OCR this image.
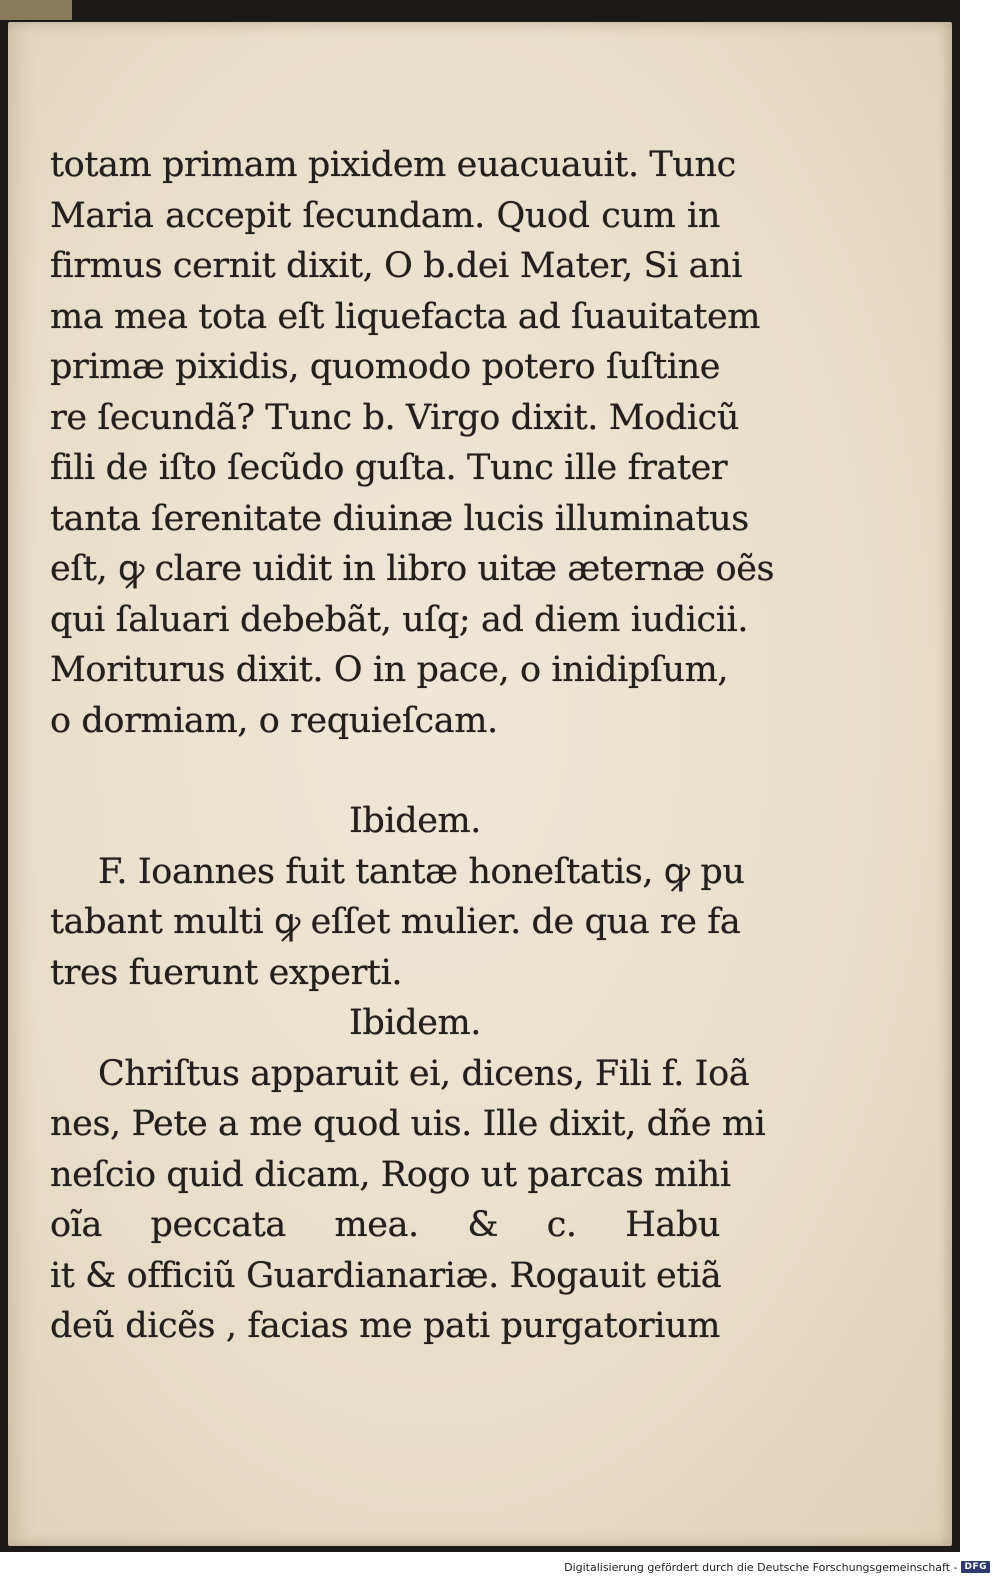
totam primam pixidem euacuauit. Tunc
Maria accepit ſecundam. Quod cum in
firmus cernit dixit, O b.dei Mater, Si ani
ma mea tota eſt liquefacta ad ſuauitatem
primæ pixidis, quomodo potero ſuſtine
re ſecundã? Tunc b. Virgo dixit. Modicũ
fili de iſto ſecũdo guſta. Tunc ille frater
tanta ſerenitate diuinæ lucis illuminatus
eſt, ꝙ clare uidit in libro uitæ æternæ oẽs
qui ſaluari debebãt, uſq; ad diem iudicii.
Moriturus dixit. O in pace, o inidipſum,
o dormiam, o requieſcam.
Ibidem.
F. Ioannes fuit tantæ honeſtatis, ꝙ pu
tabant multi ꝙ eſſet mulier. de qua re fa
tres fuerunt experti.
Ibidem.
Chriſtus apparuit ei, dicens, Fili f. Ioã
nes, Pete a me quod uis. Ille dixit, dñe mi
neſcio quid dicam, Rogo ut parcas mihi
oĩa peccata mea. & c. Habu
it & officiũ Guardianariæ. Rogauit etiã
deũ dicẽs , facias me pati purgatorium
Digitalisierung gefördert durch die Deutsche Forschungsgemeinschaft - DFG
